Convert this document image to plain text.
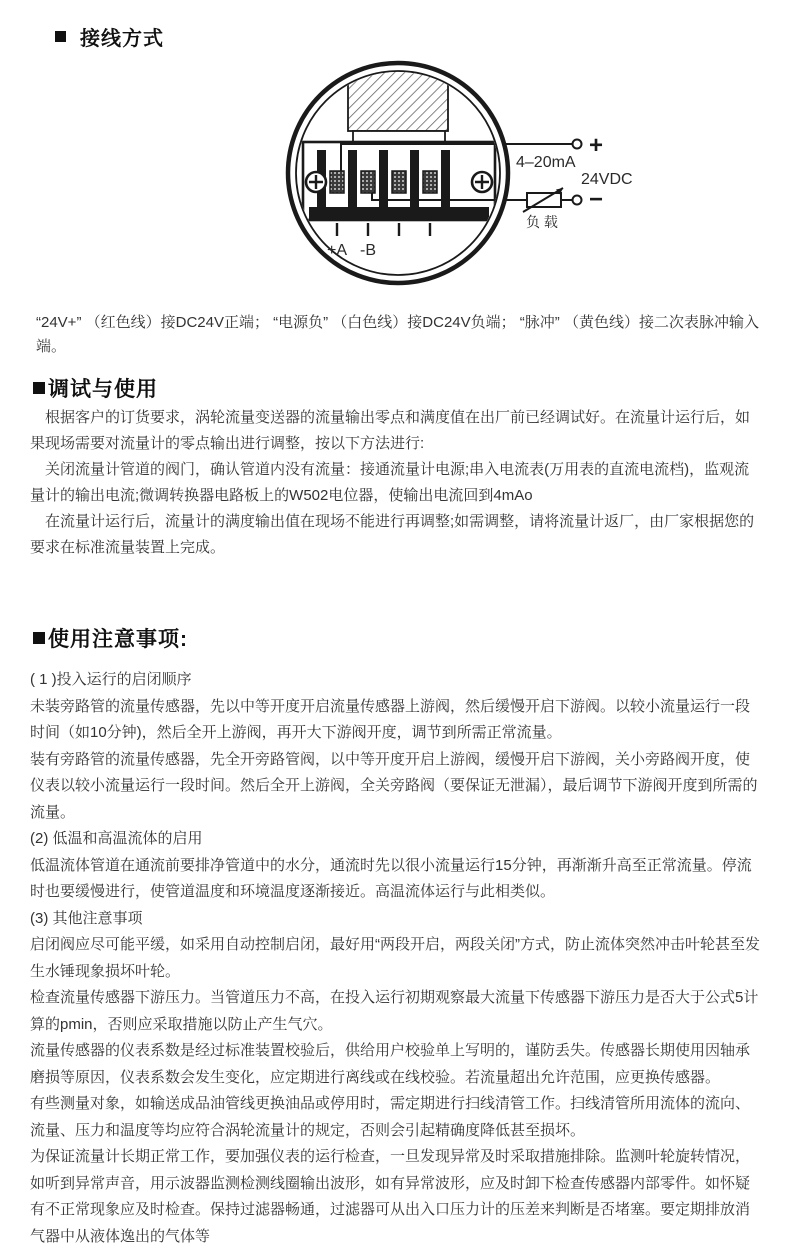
接线方式
+
4–20mA
24VDC
−
负 载
+A -B

“24V+” （红色线）接DC24V正端； “电源负” （白色线）接DC24V负端； “脉冲” （黄色线）接二次表脉冲输入端。

调试与使用

根据客户的订货要求，涡轮流量变送器的流量输出零点和满度值在出厂前已经调试好。在流量计运行后，如果现场需要对流量计的零点输出进行调整，按以下方法进行:

关闭流量计管道的阀门，确认管道内没有流量：接通流量计电源;串入电流表(万用表的直流电流档)，监观流量计的输出电流;微调转换器电路板上的W502电位器，使输出电流回到4mAo

在流量计运行后，流量计的满度输出值在现场不能进行再调整;如需调整，请将流量计返厂，由厂家根据您的要求在标准流量装置上完成。

使用注意事项:

( 1 )投入运行的启闭顺序

未装旁路管的流量传感器，先以中等开度开启流量传感器上游阀，然后缓慢开启下游阀。以较小流量运行一段时间（如10分钟)，然后全开上游阀，再开大下游阀开度，调节到所需正常流量。

装有旁路管的流量传感器，先全开旁路管阀，以中等开度开启上游阀，缓慢开启下游阀，关小旁路阀开度，使仪表以较小流量运行一段时间。然后全开上游阀，全关旁路阀（要保证无泄漏），最后调节下游阀开度到所需的流量。

(2) 低温和高温流体的启用

低温流体管道在通流前要排净管道中的水分，通流时先以很小流量运行15分钟，再渐渐升高至正常流量。停流时也要缓慢进行，使管道温度和环境温度逐渐接近。高温流体运行与此相类似。

(3) 其他注意事项

启闭阀应尽可能平缓，如采用自动控制启闭，最好用“两段开启，两段关闭”方式，防止流体突然冲击叶轮甚至发生水锤现象损坏叶轮。

检查流量传感器下游压力。当管道压力不高，在投入运行初期观察最大流量下传感器下游压力是否大于公式5计算的pmin，否则应采取措施以防止产生气穴。

流量传感器的仪表系数是经过标准装置校验后，供给用户校验单上写明的，谨防丢失。传感器长期使用因轴承磨损等原因，仪表系数会发生变化，应定期进行离线或在线校验。若流量超出允许范围，应更换传感器。

有些测量对象，如输送成品油管线更换油品或停用时，需定期进行扫线清管工作。扫线清管所用流体的流向、流量、压力和温度等均应符合涡轮流量计的规定，否则会引起精确度降低甚至损坏。

为保证流量计长期正常工作，要加强仪表的运行检查，一旦发现异常及时采取措施排除。监测叶轮旋转情况，如听到异常声音，用示波器监测检测线圈输出波形，如有异常波形，应及时卸下检查传感器内部零件。如怀疑有不正常现象应及时检查。保持过滤器畅通，过滤器可从出入口压力计的压差来判断是否堵塞。要定期排放消气器中从液体逸出的气体等
